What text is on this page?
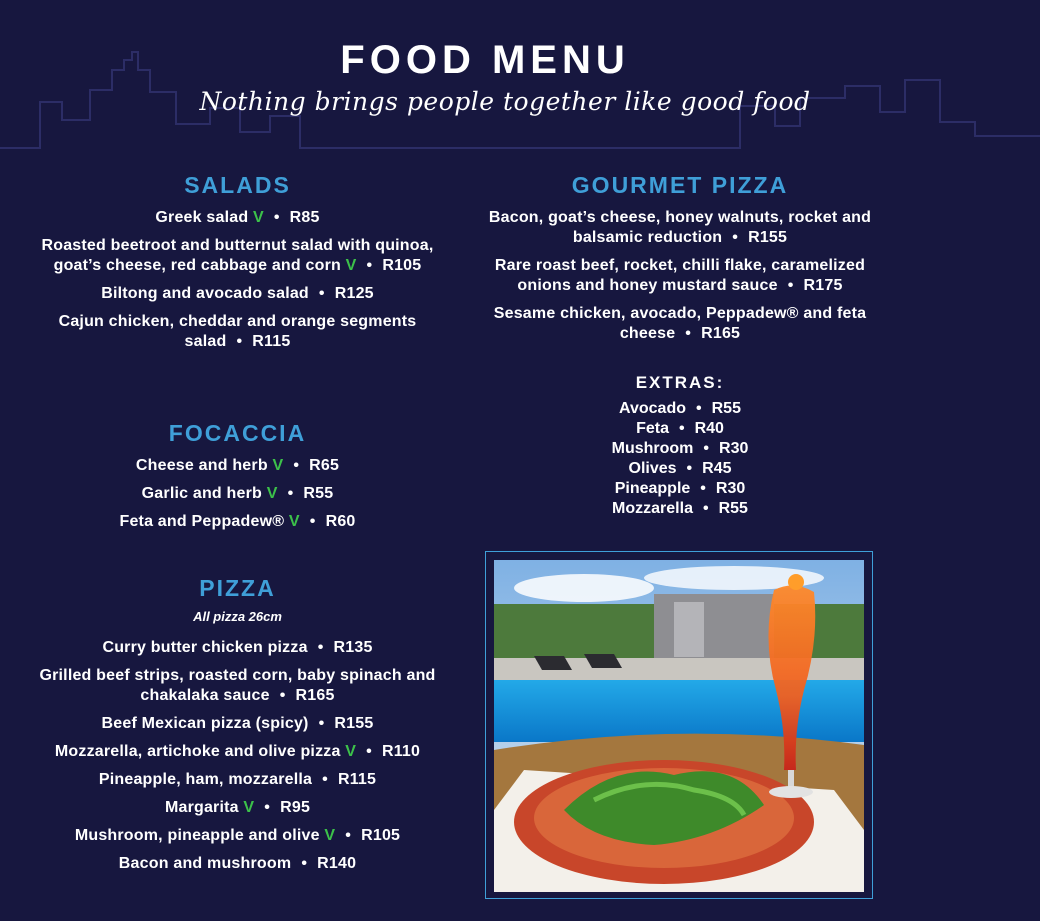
FOOD MENU
Nothing brings people together like good food
SALADS
Greek salad V • R85
Roasted beetroot and butternut salad with quinoa, goat’s cheese, red cabbage and corn V • R105
Biltong and avocado salad • R125
Cajun chicken, cheddar and orange segments salad • R115
FOCACCIA
Cheese and herb V • R65
Garlic and herb V • R55
Feta and Peppadew® V • R60
PIZZA
All pizza 26cm
Curry butter chicken pizza • R135
Grilled beef strips, roasted corn, baby spinach and chakalaka sauce • R165
Beef Mexican pizza (spicy) • R155
Mozzarella, artichoke and olive pizza V • R110
Pineapple, ham, mozzarella • R115
Margarita V • R95
Mushroom, pineapple and olive V • R105
Bacon and mushroom • R140
GOURMET PIZZA
Bacon, goat’s cheese, honey walnuts, rocket and balsamic reduction • R155
Rare roast beef, rocket, chilli flake, caramelized onions and honey mustard sauce • R175
Sesame chicken, avocado, Peppadew® and feta cheese • R165
EXTRAS:
Avocado • R55
Feta • R40
Mushroom • R30
Olives • R45
Pineapple • R30
Mozzarella • R55
